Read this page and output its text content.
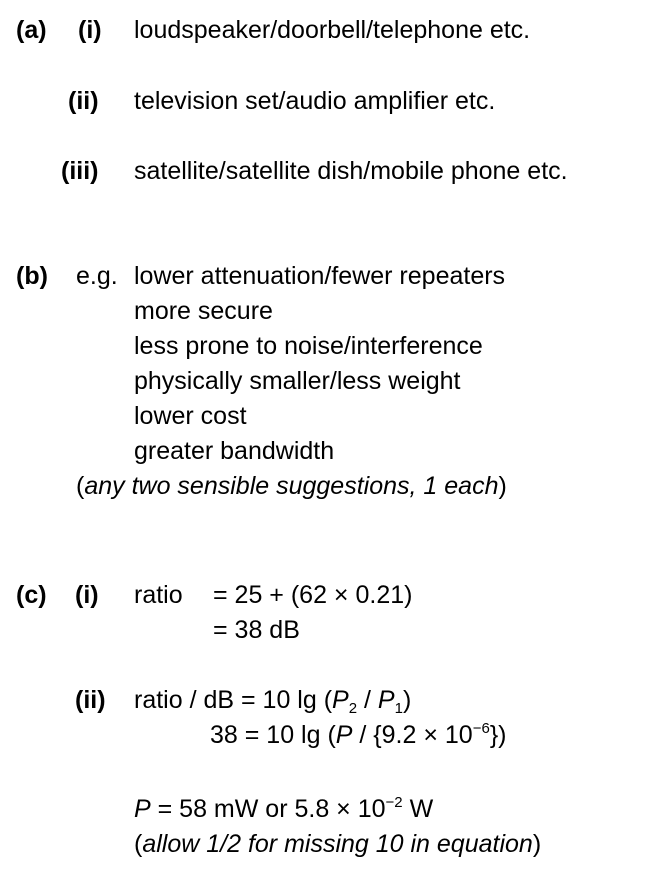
(a) (i) loudspeaker/doorbell/telephone etc.
(ii) television set/audio amplifier etc.
(iii) satellite/satellite dish/mobile phone etc.
(b) e.g. lower attenuation/fewer repeaters
more secure
less prone to noise/interference
physically smaller/less weight
lower cost
greater bandwidth
(any two sensible suggestions, 1 each)
(c) (i) ratio = 25 + (62 × 0.21)
= 38 dB
(ii) ratio / dB = 10 $\lg (P_2 / P_1)$
38 = 10 $\lg (P / \{9.2 \times 10^{-6}\})$
P = 58 mW or $5.8 \times 10^{-2}$ W
(allow 1/2 for missing 10 in equation)
